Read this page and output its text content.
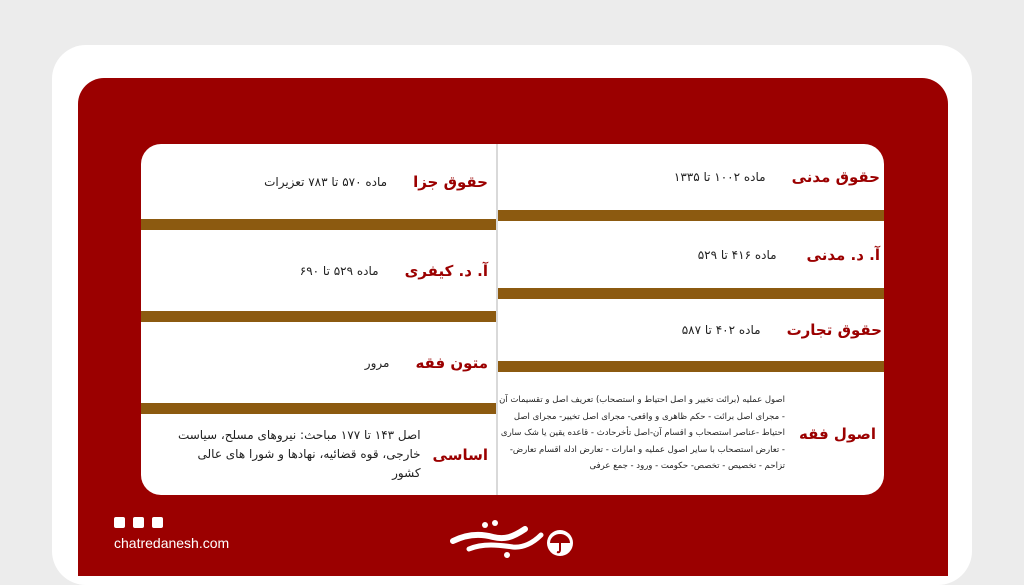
حقوق جزا
ماده ۵۷۰ تا ۷۸۳ تعزیرات
آ. د. کیفری
ماده ۵۲۹ تا ۶۹۰
متون فقه
مرور
اساسی
اصل ۱۴۳ تا ۱۷۷ مباحث: نیروهای مسلح، سیاست خارجی، قوه قضائیه، نهادها و شورا های عالی کشور
حقوق مدنی
ماده ۱۰۰۲ تا ۱۳۳۵
آ. د. مدنی
ماده ۴۱۶ تا ۵۲۹
حقوق تجارت
ماده ۴۰۲ تا ۵۸۷
اصول فقه
اصول عملیه (برائت تخییر و اصل احتیاط و استصحاب) تعریف اصل و تقسیمات آن - مجرای اصل برائت - حکم ظاهری و واقعی- مجرای اصل تخییر- مجرای اصل احتیاط -عناصر استصحاب و اقسام آن-اصل تأخرحادث - قاعده یقین یا شک ساری - تعارض استصحاب با سایر اصول عملیه و امارات - تعارض ادله اقسام تعارض- تزاحم - تخصیص - تخصص- حکومت - ورود - جمع عرفی
chatredanesh.com
